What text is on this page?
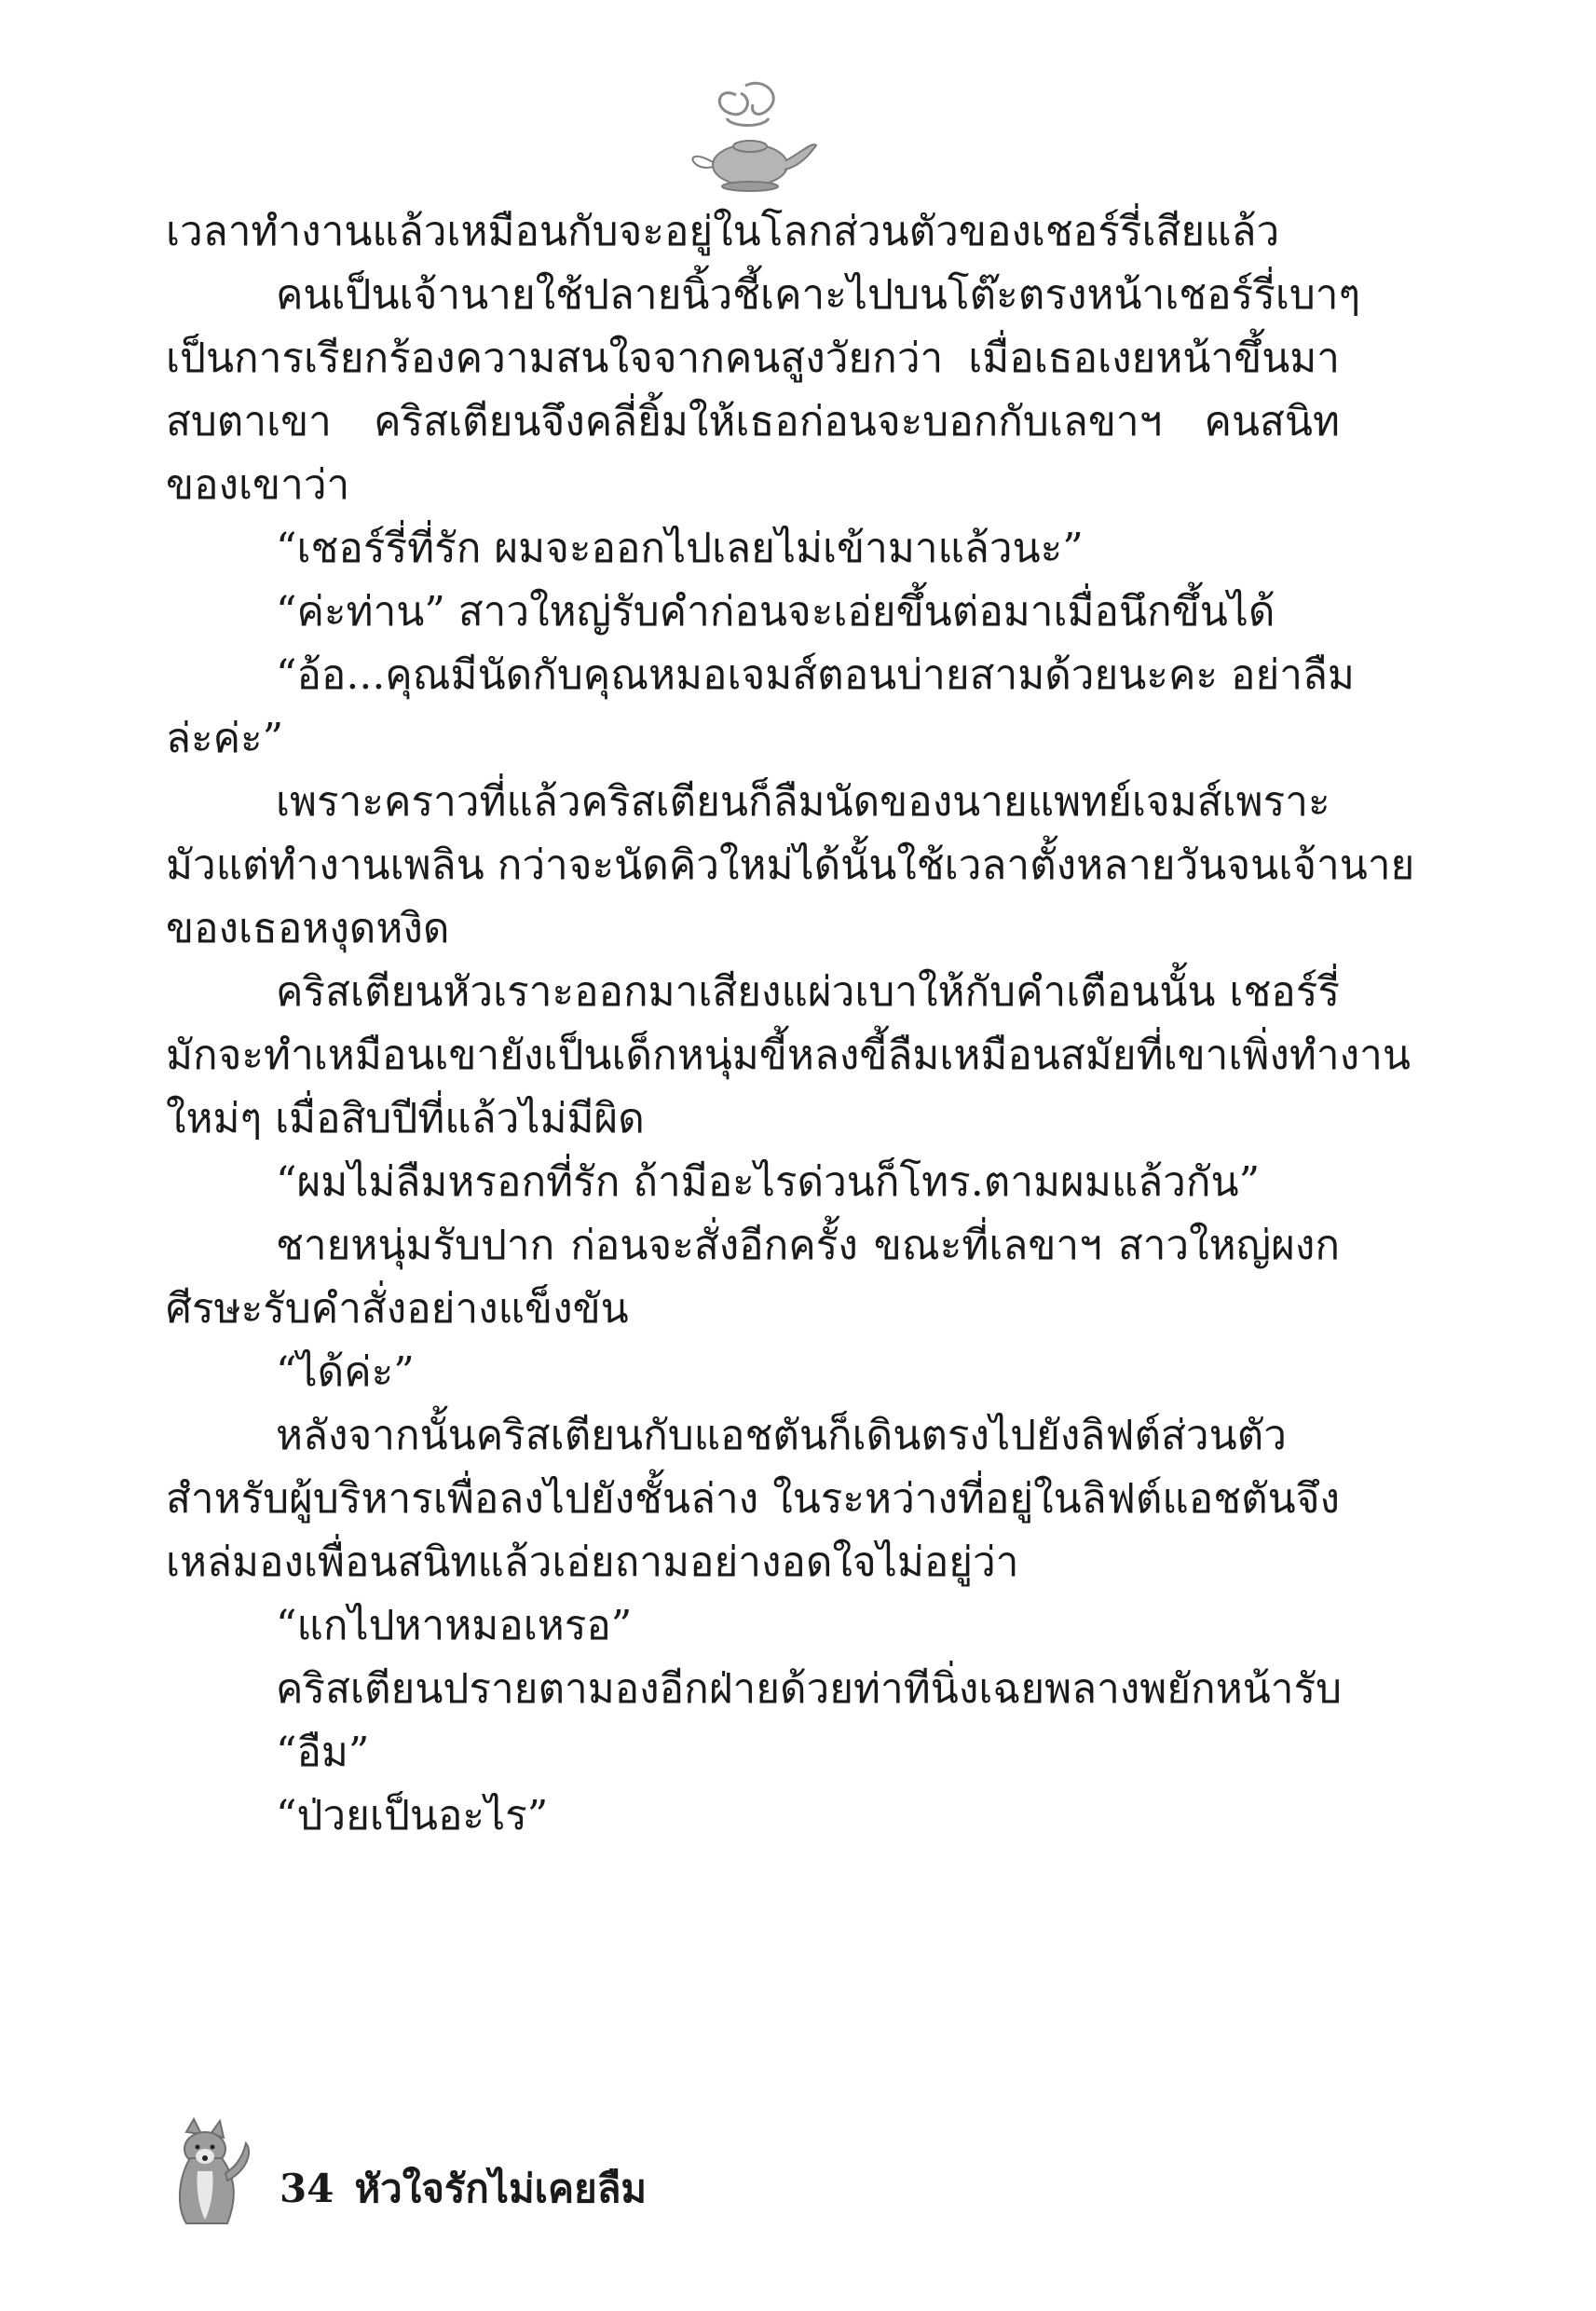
เวลาทำงานแล้วเหมือนกับจะอยู่ในโลกส่วนตัวของเชอร์รี่เสียแล้ว
คนเป็นเจ้านายใช้ปลายนิ้วชี้เคาะไปบนโต๊ะตรงหน้าเชอร์รี่เบาๆ
เป็นการเรียกร้องความสนใจจากคนสูงวัยกว่า เมื่อเธอเงยหน้าขึ้นมา
สบตาเขา คริสเตียนจึงคลี่ยิ้มให้เธอก่อนจะบอกกับเลขาฯ คนสนิท
ของเขาว่า
“เชอร์รี่ที่รัก ผมจะออกไปเลยไม่เข้ามาแล้วนะ”
“ค่ะท่าน” สาวใหญ่รับคำก่อนจะเอ่ยขึ้นต่อมาเมื่อนึกขึ้นได้
“อ้อ...คุณมีนัดกับคุณหมอเจมส์ตอนบ่ายสามด้วยนะคะ อย่าลืม
ล่ะค่ะ”
เพราะคราวที่แล้วคริสเตียนก็ลืมนัดของนายแพทย์เจมส์เพราะ
มัวแต่ทำงานเพลิน กว่าจะนัดคิวใหม่ได้นั้นใช้เวลาตั้งหลายวันจนเจ้านาย
ของเธอหงุดหงิด
คริสเตียนหัวเราะออกมาเสียงแผ่วเบาให้กับคำเตือนนั้น เชอร์รี่
มักจะทำเหมือนเขายังเป็นเด็กหนุ่มขี้หลงขี้ลืมเหมือนสมัยที่เขาเพิ่งทำงาน
ใหม่ๆ เมื่อสิบปีที่แล้วไม่มีผิด
“ผมไม่ลืมหรอกที่รัก ถ้ามีอะไรด่วนก็โทร.ตามผมแล้วกัน”
ชายหนุ่มรับปาก ก่อนจะสั่งอีกครั้ง ขณะที่เลขาฯ สาวใหญ่ผงก
ศีรษะรับคำสั่งอย่างแข็งขัน
“ได้ค่ะ”
หลังจากนั้นคริสเตียนกับแอชตันก็เดินตรงไปยังลิฟต์ส่วนตัว
สำหรับผู้บริหารเพื่อลงไปยังชั้นล่าง ในระหว่างที่อยู่ในลิฟต์แอชตันจึง
เหล่มองเพื่อนสนิทแล้วเอ่ยถามอย่างอดใจไม่อยู่ว่า
“แกไปหาหมอเหรอ”
คริสเตียนปรายตามองอีกฝ่ายด้วยท่าทีนิ่งเฉยพลางพยักหน้ารับ
“อืม”
“ป่วยเป็นอะไร”
34 หัวใจรักไม่เคยลืม
